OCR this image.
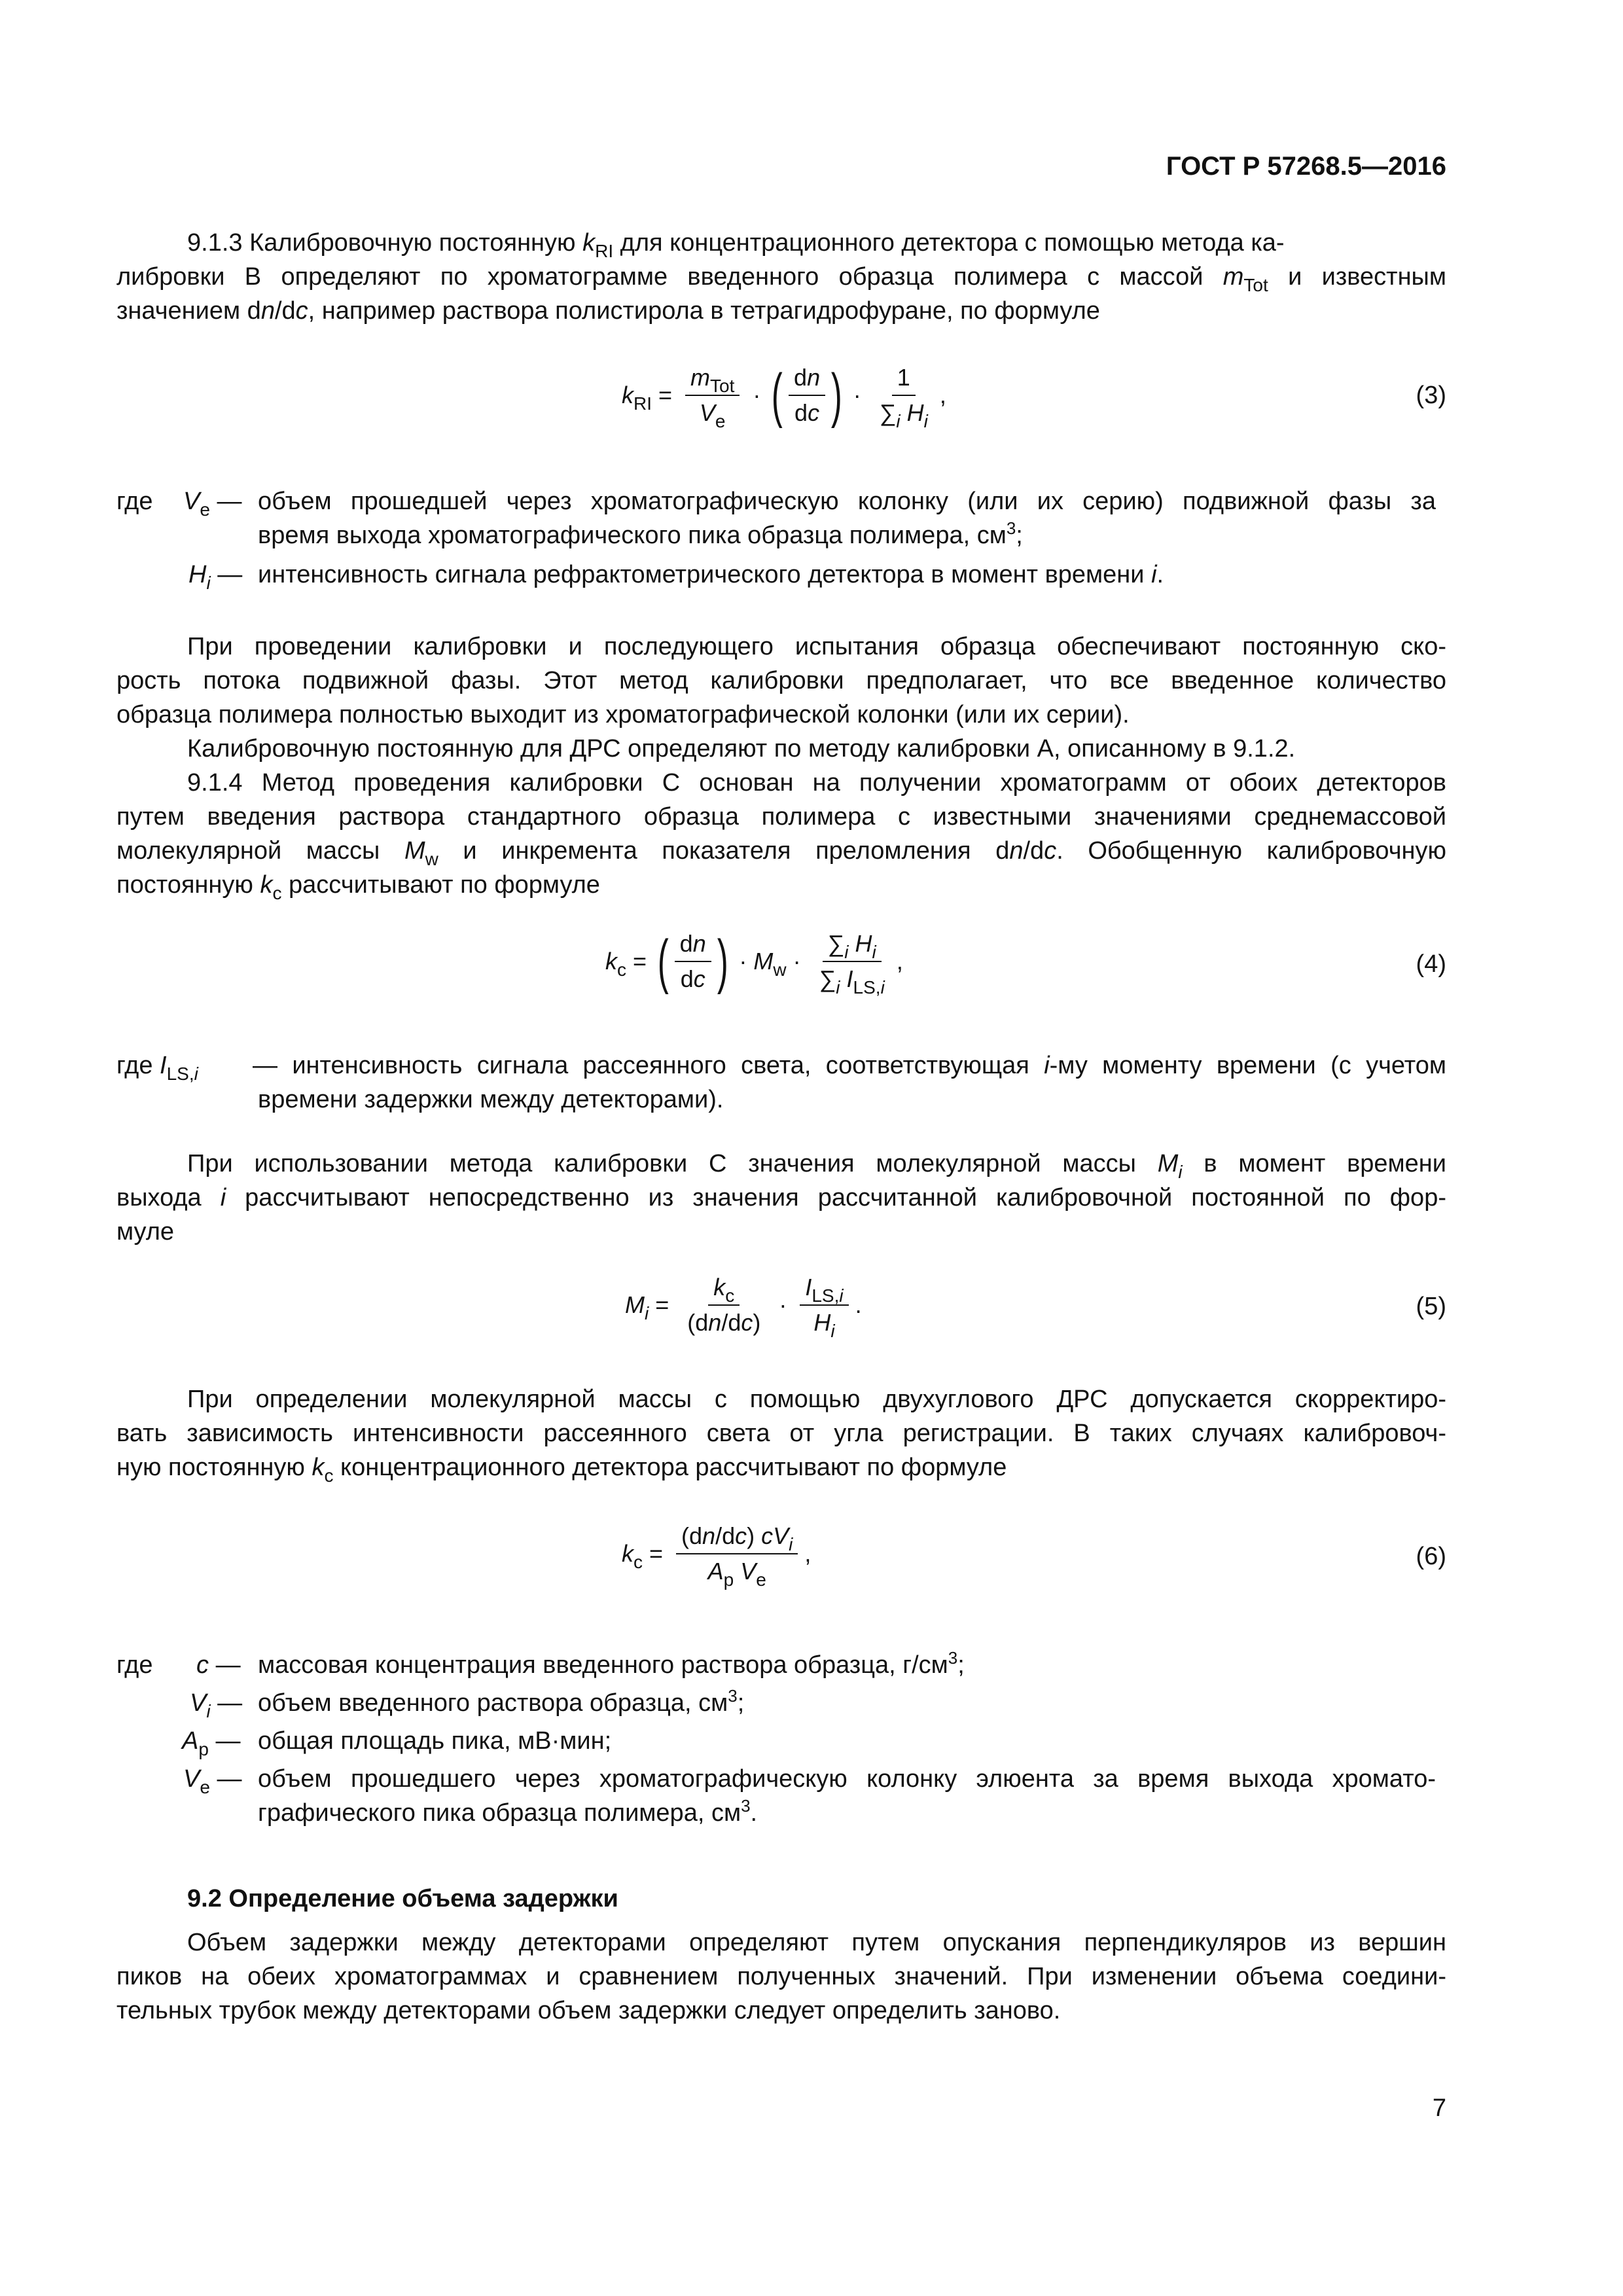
ГОСТ Р 57268.5—2016

9.1.3 Калибровочную постоянную $k_{RI}$ для концентрационного детектора с помощью метода ка-

либровки В определяют по хроматограмме введенного образца полимера с массой $m_{Tot}$ и известным

значением dn/dc, например раствора полистирола в тетрагидрофуране, по формуле

$k_{RI} = \frac{m_{Tot}}{V_e}$ · ( $\frac{dn}{dc}$ ) · $\frac{1}{\sum_i H_i}$ ,	(3)
где $V_e$ — объем прошедшей через хроматографическую колонку (или их серию) подвижной фазы за
время выхода хроматографического пика образца полимера, $см^3$;
$H_i$ — интенсивность сигнала рефрактометрического детектора в момент времени i.

При проведении калибровки и последующего испытания образца обеспечивают постоянную ско-

рость потока подвижной фазы. Этот метод калибровки предполагает, что все введенное количество

образца полимера полностью выходит из хроматографической колонки (или их серии).

Калибровочную постоянную для ДРС определяют по методу калибровки А, описанному в 9.1.2.

9.1.4 Метод проведения калибровки С основан на получении хроматограмм от обоих детекторов

путем введения раствора стандартного образца полимера с известными значениями среднемассовой

молекулярной массы $M_w$ и инкремента показателя преломления dn/dc. Обобщенную калибровочную

постоянную $k_c$ рассчитывают по формуле

$k_c$ = ( $\frac{dn}{dc}$ ) · $M_w \cdot \frac{\sum_i H_i}{\sum_i I_{LS,i}}$ ,	(4)
где $I_{LS,i}$ — интенсивность сигнала рассеянного света, соответствующая i-му моменту времени (с учетом
времени задержки между детекторами).

При использовании метода калибровки С значения молекулярной массы $M_i$ в момент времени

выхода i рассчитывают непосредственно из значения рассчитанной калибровочной постоянной по фор-

муле

$M_i = \frac{k_c}{(dn/dc)} \cdot \frac{I_{LS,i}}{H_i}$ .	(5)

При определении молекулярной массы с помощью двухуглового ДРС допускается скорректиро-

вать зависимость интенсивности рассеянного света от угла регистрации. В таких случаях калибровоч-

ную постоянную $k_c$ концентрационного детектора рассчитывают по формуле

$k_c = \frac{(dn/dc) cV_i}{A_p V_e}$ ,	(6)
где c — массовая концентрация введенного раствора образца, $г/см^3$;
$V_i$ — объем введенного раствора образца, $см^3$;
$A_p$ — общая площадь пика, мВ·мин;
$V_e$ — объем прошедшего через хроматографическую колонку элюента за время выхода хромато-
графического пика образца полимера, $см^3$.
9.2 Определение объема задержки

Объем задержки между детекторами определяют путем опускания перпендикуляров из вершин

пиков на обеих хроматограммах и сравнением полученных значений. При изменении объема соедини-

тельных трубок между детекторами объем задержки следует определить заново.

7
